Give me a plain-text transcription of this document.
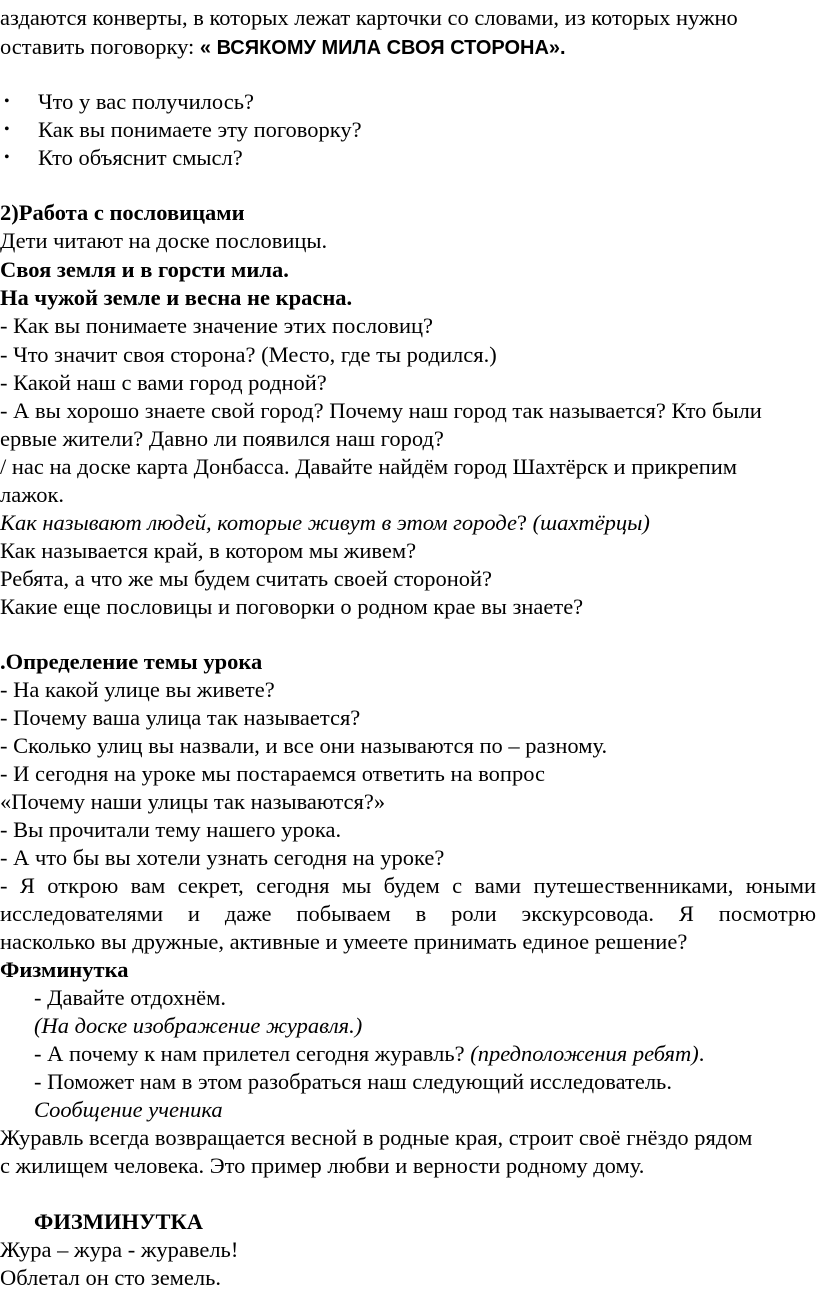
аздаются конверты, в которых лежат карточки со словами, из которых нужно
оставить поговорку: « ВСЯКОМУ МИЛА СВОЯ СТОРОНА».
• Что у вас получилось?
• Как вы понимаете эту поговорку?
• Кто объяснит смысл?
2)Работа с пословицами
Дети читают на доске пословицы.
Своя земля и в горсти мила.
На чужой земле и весна не красна.
- Как вы понимаете значение этих пословиц?
- Что значит своя сторона? (Место, где ты родился.)
- Какой наш с вами город родной?
- А вы хорошо знаете свой город? Почему наш город так называется? Кто были
ервые жители? Давно ли появился наш город?
/ нас на доске карта Донбасса. Давайте найдём город Шахтёрск и прикрепим
лажок.
Как называют людей, которые живут в этом городе? (шахтёрцы)
Как называется край, в котором мы живем?
Ребята, а что же мы будем считать своей стороной?
Какие еще пословицы и поговорки о родном крае вы знаете?
.Определение темы урока
- На какой улице вы живете?
- Почему ваша улица так называется?
- Сколько улиц вы назвали, и все они называются по – разному.
- И сегодня на уроке мы постараемся ответить на вопрос
«Почему наши улицы так называются?»
- Вы прочитали тему нашего урока.
- А что бы вы хотели узнать сегодня на уроке?
- Я открою вам секрет, сегодня мы будем с вами путешественниками, юными
исследователями и даже побываем в роли экскурсовода. Я посмотрю
насколько вы дружные, активные и умеете принимать единое решение?
Физминутка
- Давайте отдохнём.
(На доске изображение журавля.)
- А почему к нам прилетел сегодня журавль? (предположения ребят).
- Поможет нам в этом разобраться наш следующий исследователь.
Сообщение ученика
Журавль всегда возвращается весной в родные края, строит своё гнёздо рядом
с жилищем человека. Это пример любви и верности родному дому.
ФИЗМИНУТКА
Жура – жура - журавель!
Облетал он сто земель.
